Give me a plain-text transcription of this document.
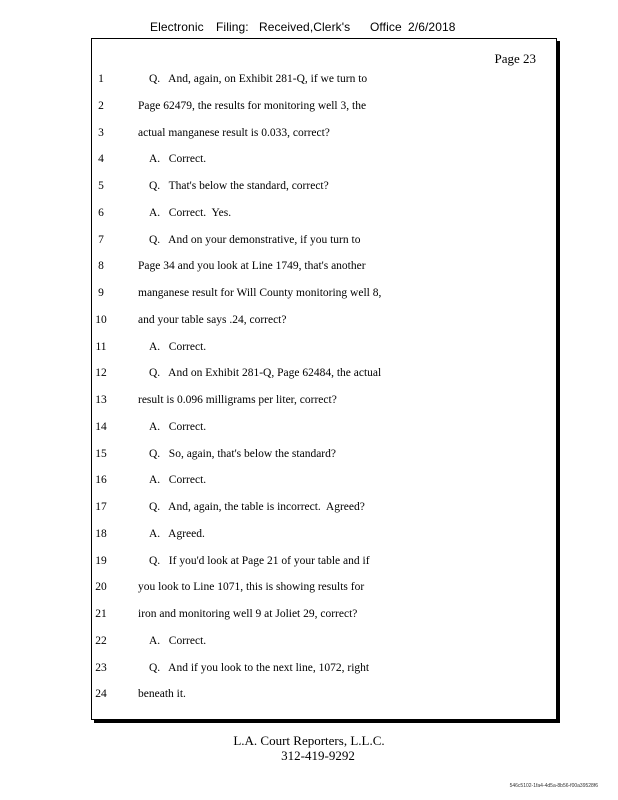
Electronic Filing: Received,Clerk's Office 2/6/2018
Page 23
1	Q.   And, again, on Exhibit 281-Q, if we turn to
2	Page 62479, the results for monitoring well 3, the
3	actual manganese result is 0.033, correct?
4	A.   Correct.
5	Q.   That's below the standard, correct?
6	A.   Correct.  Yes.
7	Q.   And on your demonstrative, if you turn to
8	Page 34 and you look at Line 1749, that's another
9	manganese result for Will County monitoring well 8,
10	and your table says .24, correct?
11	A.   Correct.
12	Q.   And on Exhibit 281-Q, Page 62484, the actual
13	result is 0.096 milligrams per liter, correct?
14	A.   Correct.
15	Q.   So, again, that's below the standard?
16	A.   Correct.
17	Q.   And, again, the table is incorrect.  Agreed?
18	A.   Agreed.
19	Q.   If you'd look at Page 21 of your table and if
20	you look to Line 1071, this is showing results for
21	iron and monitoring well 9 at Joliet 29, correct?
22	A.   Correct.
23	Q.   And if you look to the next line, 1072, right
24	beneath it.
L.A. Court Reporters, L.L.C.
312-419-9292
546c5102-1fa4-4d5a-8b56-f00a39528f6
